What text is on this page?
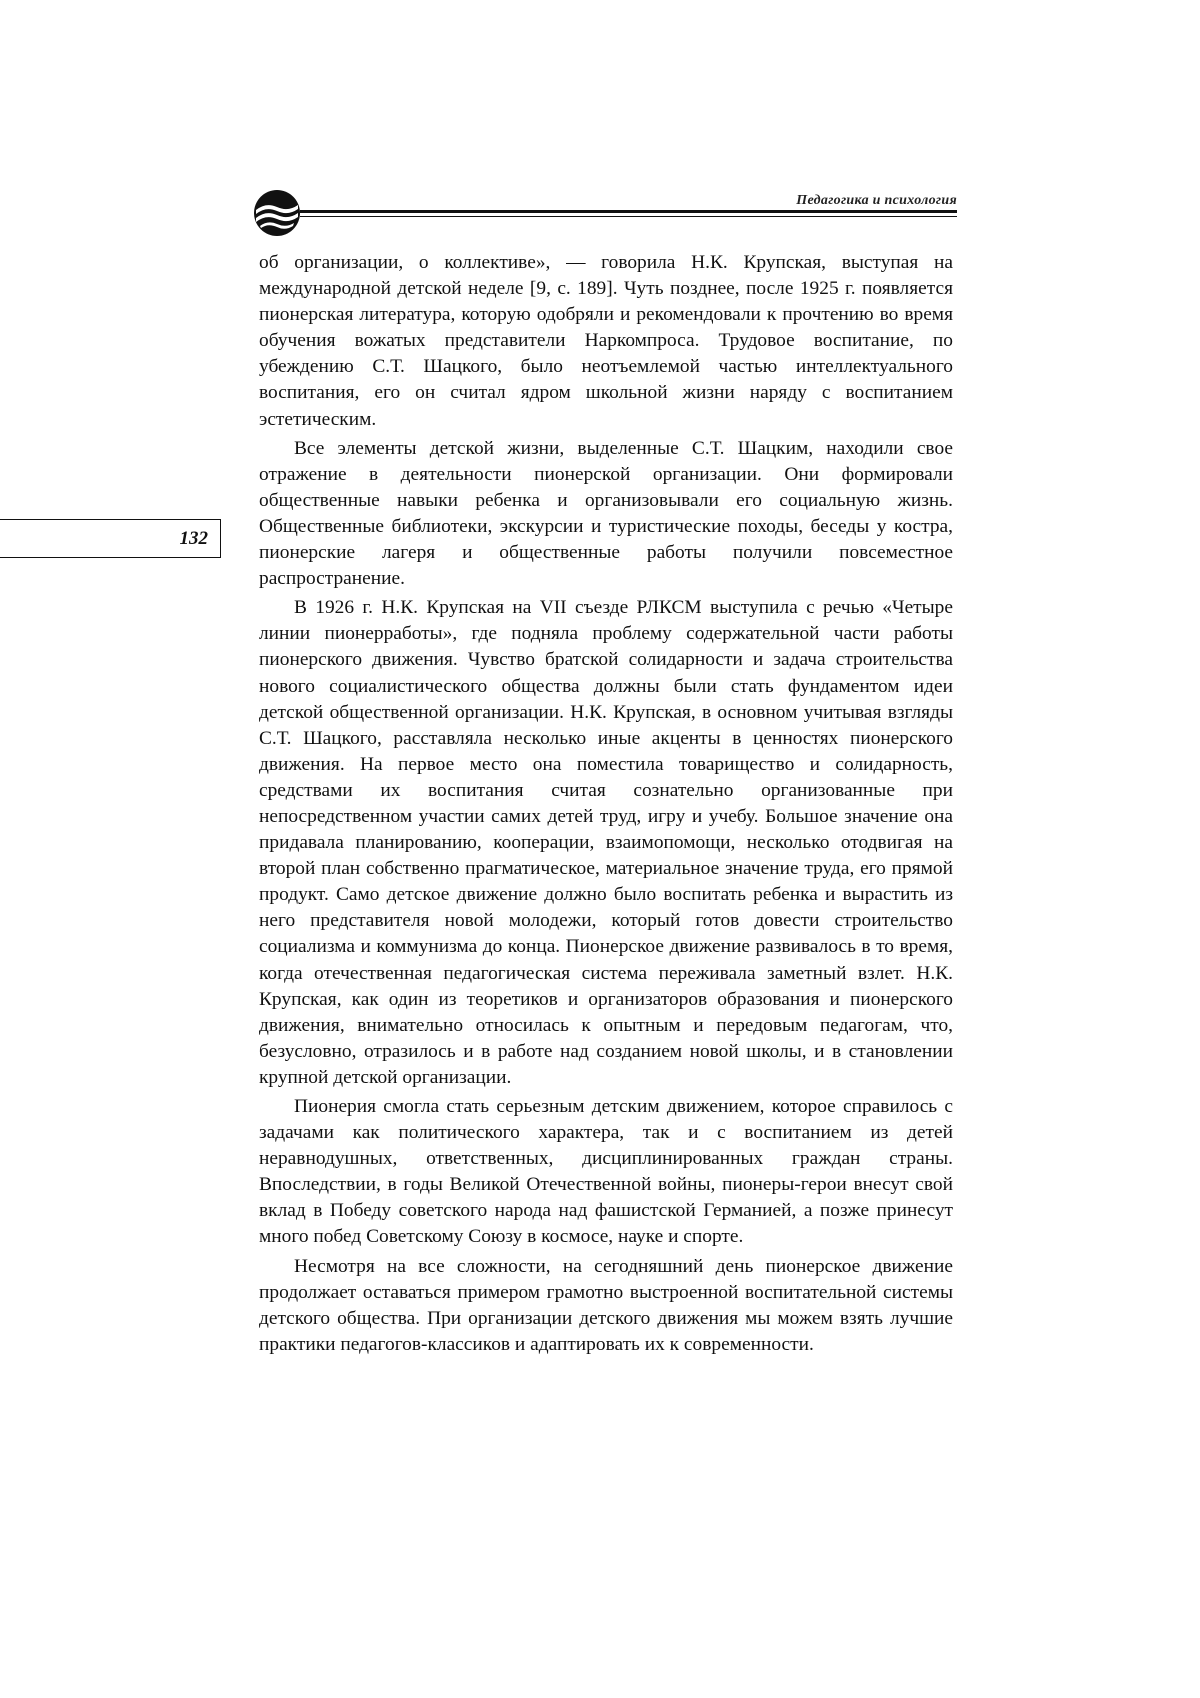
Педагогика и психология
132

об организации, о коллективе», — говорила Н.К. Крупская, выступая на международной детской неделе [9, с. 189]. Чуть позднее, после 1925 г. появляется пионерская литература, которую одобряли и рекомендовали к прочтению во время обучения вожатых представители Наркомпроса. Трудовое воспитание, по убеждению С.Т. Шацкого, было неотъемлемой частью интеллектуального воспитания, его он считал ядром школьной жизни наряду с воспитанием эстетическим.

Все элементы детской жизни, выделенные С.Т. Шацким, находили свое отражение в деятельности пионерской организации. Они формировали общественные навыки ребенка и организовывали его социальную жизнь. Общественные библиотеки, экскурсии и туристические походы, беседы у костра, пионерские лагеря и общественные работы получили повсеместное распространение.

В 1926 г. Н.К. Крупская на VII съезде РЛКСМ выступила с речью «Четыре линии пионерработы», где подняла проблему содержательной части работы пионерского движения. Чувство братской солидарности и задача строительства нового социалистического общества должны были стать фундаментом идеи детской общественной организации. Н.К. Крупская, в основном учитывая взгляды С.Т. Шацкого, расставляла несколько иные акценты в ценностях пионерского движения. На первое место она поместила товарищество и солидарность, средствами их воспитания считая сознательно организованные при непосредственном участии самих детей труд, игру и учебу. Большое значение она придавала планированию, кооперации, взаимопомощи, несколько отодвигая на второй план собственно прагматическое, материальное значение труда, его прямой продукт. Само детское движение должно было воспитать ребенка и вырастить из него представителя новой молодежи, который готов довести строительство социализма и коммунизма до конца. Пионерское движение развивалось в то время, когда отечественная педагогическая система переживала заметный взлет. Н.К. Крупская, как один из теоретиков и организаторов образования и пионерского движения, внимательно относилась к опытным и передовым педагогам, что, безусловно, отразилось и в работе над созданием новой школы, и в становлении крупной детской организации.

Пионерия смогла стать серьезным детским движением, которое справилось с задачами как политического характера, так и с воспитанием из детей неравнодушных, ответственных, дисциплинированных граждан страны. Впоследствии, в годы Великой Отечественной войны, пионеры-герои внесут свой вклад в Победу советского народа над фашистской Германией, а позже принесут много побед Советскому Союзу в космосе, науке и спорте.

Несмотря на все сложности, на сегодняшний день пионерское движение продолжает оставаться примером грамотно выстроенной воспитательной системы детского общества. При организации детского движения мы можем взять лучшие практики педагогов-классиков и адаптировать их к современности.
